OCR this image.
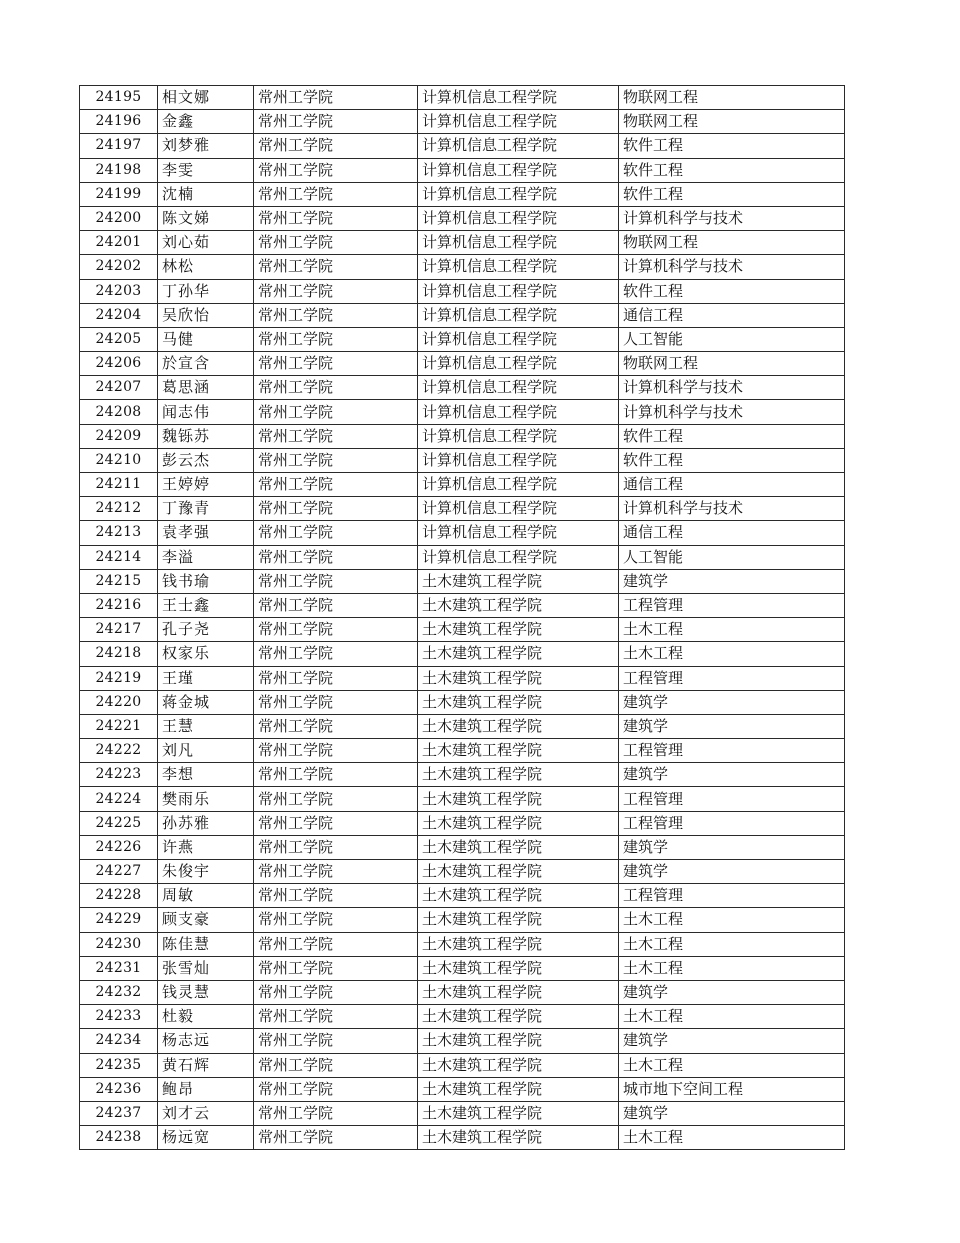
24195	相文娜	常州工学院	计算机信息工程学院	物联网工程
24196	金鑫	常州工学院	计算机信息工程学院	物联网工程
24197	刘梦雅	常州工学院	计算机信息工程学院	软件工程
24198	李雯	常州工学院	计算机信息工程学院	软件工程
24199	沈楠	常州工学院	计算机信息工程学院	软件工程
24200	陈文娣	常州工学院	计算机信息工程学院	计算机科学与技术
24201	刘心茹	常州工学院	计算机信息工程学院	物联网工程
24202	林松	常州工学院	计算机信息工程学院	计算机科学与技术
24203	丁孙华	常州工学院	计算机信息工程学院	软件工程
24204	吴欣怡	常州工学院	计算机信息工程学院	通信工程
24205	马健	常州工学院	计算机信息工程学院	人工智能
24206	於宣含	常州工学院	计算机信息工程学院	物联网工程
24207	葛思涵	常州工学院	计算机信息工程学院	计算机科学与技术
24208	闻志伟	常州工学院	计算机信息工程学院	计算机科学与技术
24209	魏铄苏	常州工学院	计算机信息工程学院	软件工程
24210	彭云杰	常州工学院	计算机信息工程学院	软件工程
24211	王婷婷	常州工学院	计算机信息工程学院	通信工程
24212	丁豫青	常州工学院	计算机信息工程学院	计算机科学与技术
24213	袁孝强	常州工学院	计算机信息工程学院	通信工程
24214	李溢	常州工学院	计算机信息工程学院	人工智能
24215	钱书瑜	常州工学院	土木建筑工程学院	建筑学
24216	王士鑫	常州工学院	土木建筑工程学院	工程管理
24217	孔子尧	常州工学院	土木建筑工程学院	土木工程
24218	权家乐	常州工学院	土木建筑工程学院	土木工程
24219	王瑾	常州工学院	土木建筑工程学院	工程管理
24220	蒋金城	常州工学院	土木建筑工程学院	建筑学
24221	王慧	常州工学院	土木建筑工程学院	建筑学
24222	刘凡	常州工学院	土木建筑工程学院	工程管理
24223	李想	常州工学院	土木建筑工程学院	建筑学
24224	樊雨乐	常州工学院	土木建筑工程学院	工程管理
24225	孙苏雅	常州工学院	土木建筑工程学院	工程管理
24226	许燕	常州工学院	土木建筑工程学院	建筑学
24227	朱俊宇	常州工学院	土木建筑工程学院	建筑学
24228	周敏	常州工学院	土木建筑工程学院	工程管理
24229	顾支豪	常州工学院	土木建筑工程学院	土木工程
24230	陈佳慧	常州工学院	土木建筑工程学院	土木工程
24231	张雪灿	常州工学院	土木建筑工程学院	土木工程
24232	钱灵慧	常州工学院	土木建筑工程学院	建筑学
24233	杜毅	常州工学院	土木建筑工程学院	土木工程
24234	杨志远	常州工学院	土木建筑工程学院	建筑学
24235	黄石辉	常州工学院	土木建筑工程学院	土木工程
24236	鲍昂	常州工学院	土木建筑工程学院	城市地下空间工程
24237	刘才云	常州工学院	土木建筑工程学院	建筑学
24238	杨远宽	常州工学院	土木建筑工程学院	土木工程
